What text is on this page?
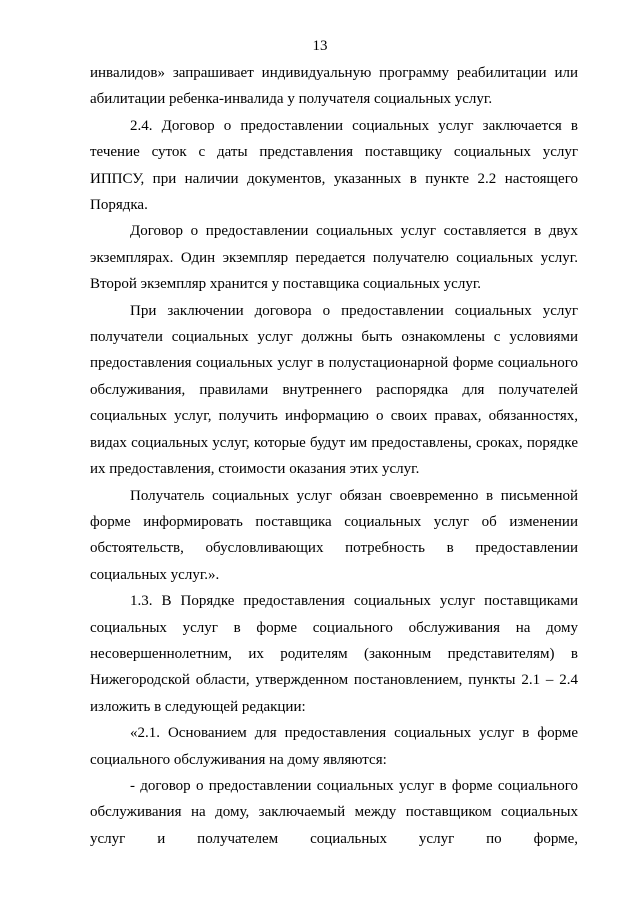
13

инвалидов» запрашивает индивидуальную программу реабилитации или абилитации ребенка-инвалида у получателя социальных услуг.

2.4. Договор о предоставлении социальных услуг заключается в течение суток с даты представления поставщику социальных услуг ИППСУ, при наличии документов, указанных в пункте 2.2 настоящего Порядка.

Договор о предоставлении социальных услуг составляется в двух экземплярах. Один экземпляр передается получателю социальных услуг. Второй экземпляр хранится у поставщика социальных услуг.

При заключении договора о предоставлении социальных услуг получатели социальных услуг должны быть ознакомлены с условиями предоставления социальных услуг в полустационарной форме социального обслуживания, правилами внутреннего распорядка для получателей социальных услуг, получить информацию о своих правах, обязанностях, видах социальных услуг, которые будут им предоставлены, сроках, порядке их предоставления, стоимости оказания этих услуг.

Получатель социальных услуг обязан своевременно в письменной форме информировать поставщика социальных услуг об изменении обстоятельств, обусловливающих потребность в предоставлении социальных услуг.».

1.3. В Порядке предоставления социальных услуг поставщиками социальных услуг в форме социального обслуживания на дому несовершеннолетним, их родителям (законным представителям) в Нижегородской области, утвержденном постановлением, пункты 2.1 – 2.4 изложить в следующей редакции:

«2.1. Основанием для предоставления социальных услуг в форме социального обслуживания на дому являются:

- договор о предоставлении социальных услуг в форме социального обслуживания на дому, заключаемый между поставщиком социальных услуг и получателем социальных услуг по форме,
